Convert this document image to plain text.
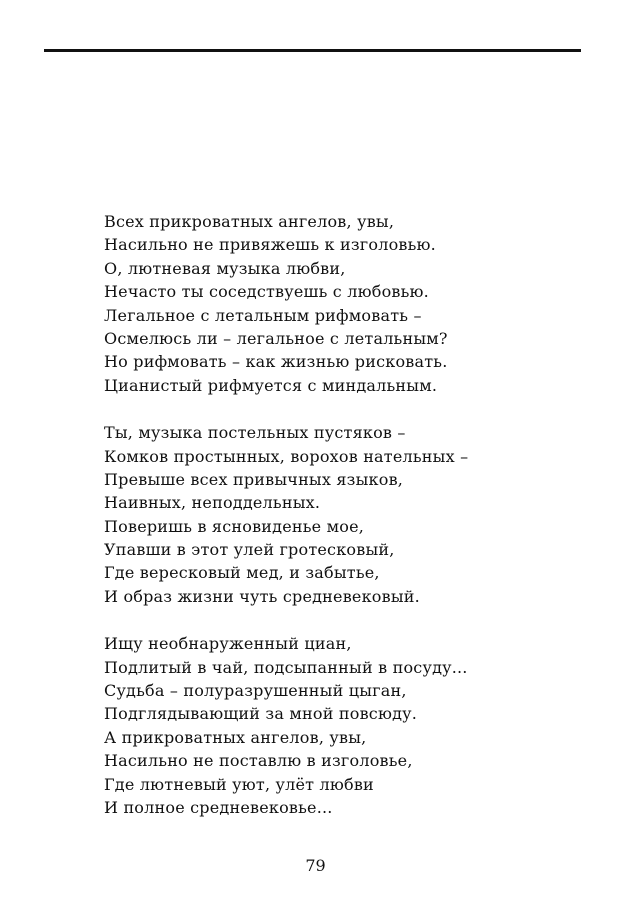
Всех прикроватных ангелов, увы,
Насильно не привяжешь к изголовью.
О, лютневая музыка любви,
Нечасто ты соседствуешь с любовью.
Легальное с летальным рифмовать –
Осмелюсь ли – легальное с летальным?
Но рифмовать – как жизнью рисковать.
Цианистый рифмуется с миндальным.
Ты, музыка постельных пустяков –
Комков простынных, ворохов нательных –
Превыше всех привычных языков,
Наивных, неподдельных.
Поверишь в ясновиденье мое,
Упавши в этот улей гротесковый,
Где вересковый мед, и забытье,
И образ жизни чуть средневековый.
Ищу необнаруженный циан,
Подлитый в чай, подсыпанный в посуду...
Судьба – полуразрушенный цыган,
Подглядывающий за мной повсюду.
А прикроватных ангелов, увы,
Насильно не поставлю в изголовье,
Где лютневый уют, улёт любви
И полное средневековье...
79
